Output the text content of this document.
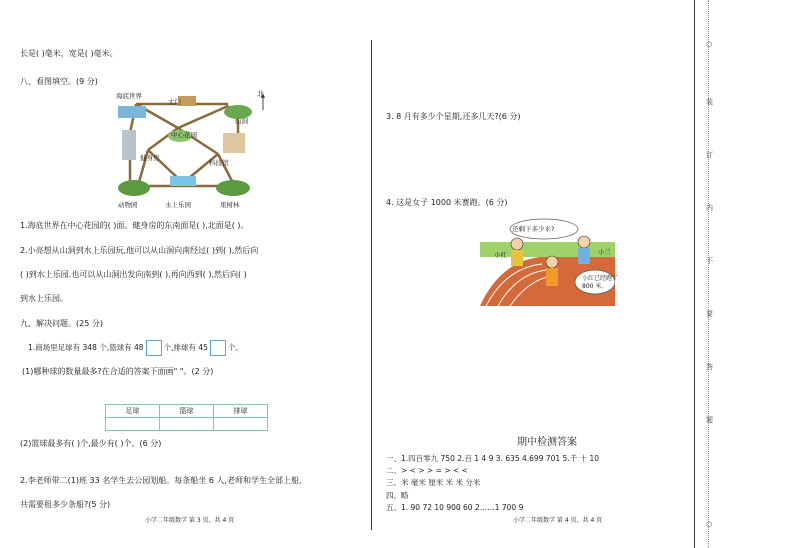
长是( )毫米，宽是( )毫米。
八、看图填空。(9 分)
北
海底世界
大门
山洞
中心花园
健身房
科技馆
动物园	水上乐园	果树林
1.海底世界在中心花园的( )面。健身房的东南面是( ),北面是( )。
2.小亮想从山洞到水上乐园玩,他可以从山洞向南经过( )到( ),然后向
( )到水上乐园.也可以从山洞出发向南到( ),再向西到( ),然后向( )
到水上乐园。
九、解决问题。(25 分)
1.商场里足球有 348 个,篮球有 48	个,排球有 45	个。
(1)哪种球的数量最多?在合适的答案下面画" "。(2 分)
足球	篮球	排球

(2)篮球最多有( )个,最少有( )个。(6 分)
2.李老师带二(1)班 33 名学生去公园划船。每条船坐 6 人,老师和学生全部上船,
共需要租多少条船?(5 分)
小学二年级数学 第 3 页，共 4 页
3. 8 月有多少个星期,还多几天?(6 分)
4. 这是女子 1000 米赛跑。(6 分)
还剩下多少米?
小红	小兰
小红已经跑了 800 米。
期中检测答案
一、1.四百零九 750 2.百 1 4 9 3. 635 4.699 701 5.千 十 10
二、> < > > = > < <
三、米 毫米 厘米 米 米 分米
四、略
五、1. 90 72 10 900 60 2……1 700 9
小学二年级数学 第 4 页，共 4 页
○
装
订
内
不
要
答
题
○
